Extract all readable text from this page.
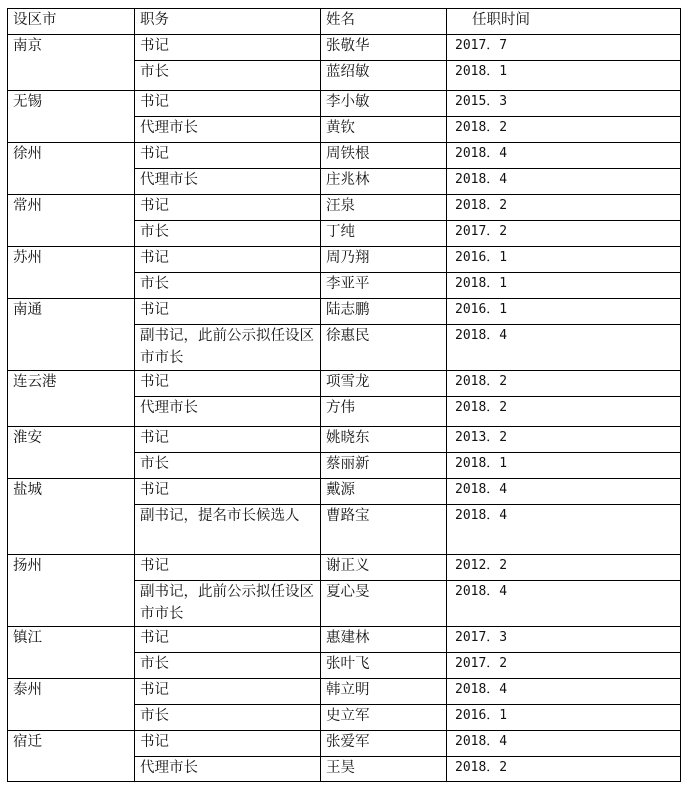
设区市	职务	姓名	任职时间
南京	书记	张敬华	2017．7
	市长	蓝绍敏	2018．1
无锡	书记	李小敏	2015．3
	代理市长	黄钦	2018．2
徐州	书记	周铁根	2018．4
	代理市长	庄兆林	2018．4
常州	书记	汪泉	2018．2
	市长	丁纯	2017．2
苏州	书记	周乃翔	2016．1
	市长	李亚平	2018．1
南通	书记	陆志鹏	2016．1
	副书记，此前公示拟任设区市市长	徐惠民	2018．4
连云港	书记	项雪龙	2018．2
	代理市长	方伟	2018．2
淮安	书记	姚晓东	2013．2
	市长	蔡丽新	2018．1
盐城	书记	戴源	2018．4
	副书记，提名市长候选人	曹路宝	2018．4
扬州	书记	谢正义	2012．2
	副书记，此前公示拟任设区市市长	夏心旻	2018．4
镇江	书记	惠建林	2017．3
	市长	张叶飞	2017．2
泰州	书记	韩立明	2018．4
	市长	史立军	2016．1
宿迁	书记	张爱军	2018．4
	代理市长	王昊	2018．2
